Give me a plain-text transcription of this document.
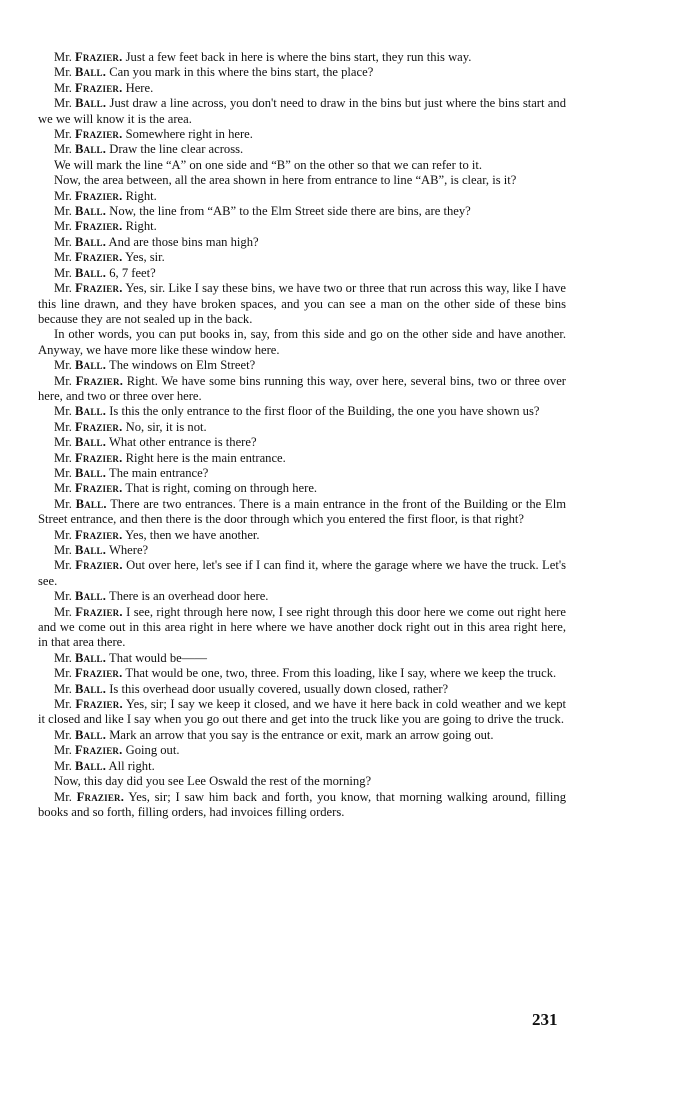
Mr. Frazier. Just a few feet back in here is where the bins start, they run this way.

Mr. Ball. Can you mark in this where the bins start, the place?

Mr. Frazier. Here.

Mr. Ball. Just draw a line across, you don't need to draw in the bins but just where the bins start and we we will know it is the area.

Mr. Frazier. Somewhere right in here.

Mr. Ball. Draw the line clear across.

We will mark the line “A” on one side and “B” on the other so that we can refer to it.

Now, the area between, all the area shown in here from entrance to line “AB”, is clear, is it?

Mr. Frazier. Right.

Mr. Ball. Now, the line from “AB” to the Elm Street side there are bins, are they?

Mr. Frazier. Right.

Mr. Ball. And are those bins man high?

Mr. Frazier. Yes, sir.

Mr. Ball. 6, 7 feet?

Mr. Frazier. Yes, sir. Like I say these bins, we have two or three that run across this way, like I have this line drawn, and they have broken spaces, and you can see a man on the other side of these bins because they are not sealed up in the back.

In other words, you can put books in, say, from this side and go on the other side and have another. Anyway, we have more like these window here.

Mr. Ball. The windows on Elm Street?

Mr. Frazier. Right. We have some bins running this way, over here, several bins, two or three over here, and two or three over here.

Mr. Ball. Is this the only entrance to the first floor of the Building, the one you have shown us?

Mr. Frazier. No, sir, it is not.

Mr. Ball. What other entrance is there?

Mr. Frazier. Right here is the main entrance.

Mr. Ball. The main entrance?

Mr. Frazier. That is right, coming on through here.

Mr. Ball. There are two entrances. There is a main entrance in the front of the Building or the Elm Street entrance, and then there is the door through which you entered the first floor, is that right?

Mr. Frazier. Yes, then we have another.

Mr. Ball. Where?

Mr. Frazier. Out over here, let's see if I can find it, where the garage where we have the truck. Let's see.

Mr. Ball. There is an overhead door here.

Mr. Frazier. I see, right through here now, I see right through this door here we come out right here and we come out in this area right in here where we have another dock right out in this area right here, in that area there.

Mr. Ball. That would be——

Mr. Frazier. That would be one, two, three. From this loading, like I say, where we keep the truck.

Mr. Ball. Is this overhead door usually covered, usually down closed, rather?

Mr. Frazier. Yes, sir; I say we keep it closed, and we have it here back in cold weather and we kept it closed and like I say when you go out there and get into the truck like you are going to drive the truck.

Mr. Ball. Mark an arrow that you say is the entrance or exit, mark an arrow going out.

Mr. Frazier. Going out.

Mr. Ball. All right.

Now, this day did you see Lee Oswald the rest of the morning?

Mr. Frazier. Yes, sir; I saw him back and forth, you know, that morning walking around, filling books and so forth, filling orders, had invoices filling orders.

231
